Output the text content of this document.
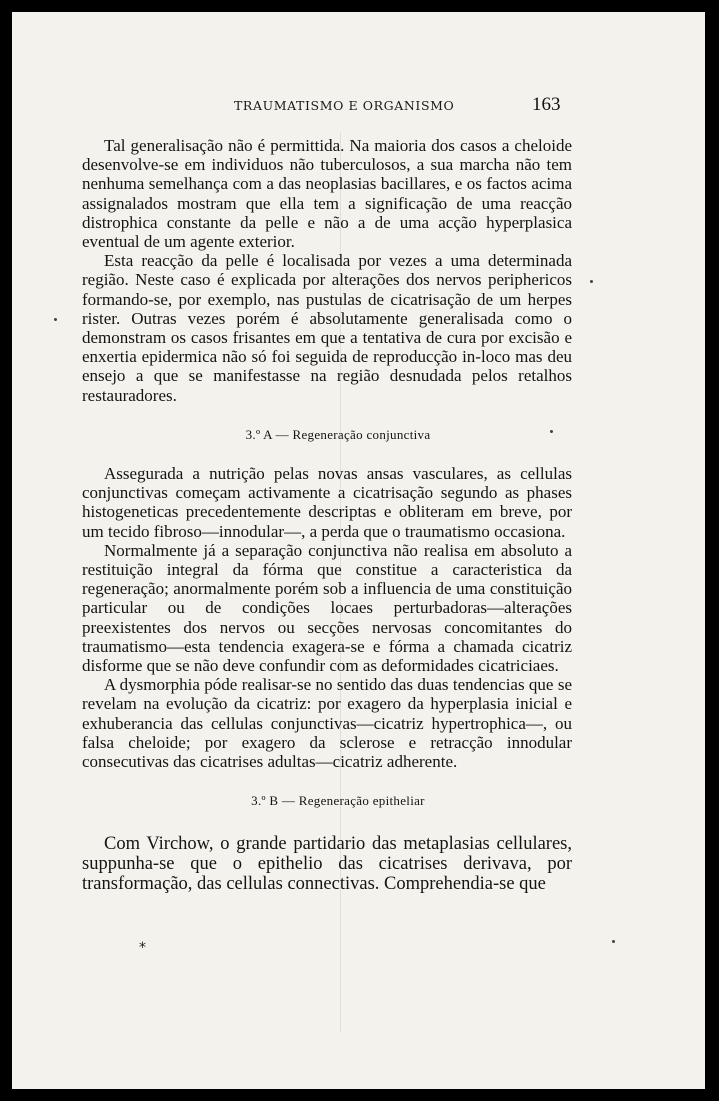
TRAUMATISMO E ORGANISMO	163

Tal generalisação não é permittida. Na maioria dos casos a cheloide desenvolve-se em individuos não tuberculosos, a sua marcha não tem nenhuma semelhança com a das neoplasias bacillares, e os factos acima assignalados mostram que ella tem a significação de uma reacção distrophica constante da pelle e não a de uma acção hyperplasica eventual de um agente exterior.

Esta reacção da pelle é localisada por vezes a uma determinada região. Neste caso é explicada por alterações dos nervos periphericos formando-se, por exemplo, nas pustulas de cicatrisação de um herpes rister. Outras vezes porém é absolutamente generalisada como o demonstram os casos frisantes em que a tentativa de cura por excisão e enxertia epidermica não só foi seguida de reproducção in-loco mas deu ensejo a que se manifestasse na região desnudada pelos retalhos restauradores.

3.º A — Regeneração conjunctiva

Assegurada a nutrição pelas novas ansas vasculares, as cellulas conjunctivas começam activamente a cicatrisação segundo as phases histogeneticas precedentemente descriptas e obliteram em breve, por um tecido fibroso—innodular—, a perda que o traumatismo occasiona.

Normalmente já a separação conjunctiva não realisa em absoluto a restituição integral da fórma que constitue a caracteristica da regeneração; anormalmente porém sob a influencia de uma constituição particular ou de condições locaes perturbadoras—alterações preexistentes dos nervos ou secções nervosas concomitantes do traumatismo—esta tendencia exagera-se e fórma a chamada cicatriz disforme que se não deve confundir com as deformidades cicatriciaes.

A dysmorphia póde realisar-se no sentido das duas tendencias que se revelam na evolução da cicatriz: por exagero da hyperplasia inicial e exhuberancia das cellulas conjunctivas—cicatriz hypertrophica—, ou falsa cheloide; por exagero da sclerose e retracção innodular consecutivas das cicatrises adultas—cicatriz adherente.

3.º B — Regeneração epitheliar

Com Virchow, o grande partidario das metaplasias cellulares, suppunha-se que o epithelio das cicatrises derivava, por transformação, das cellulas connectivas. Comprehendia-se que

*
